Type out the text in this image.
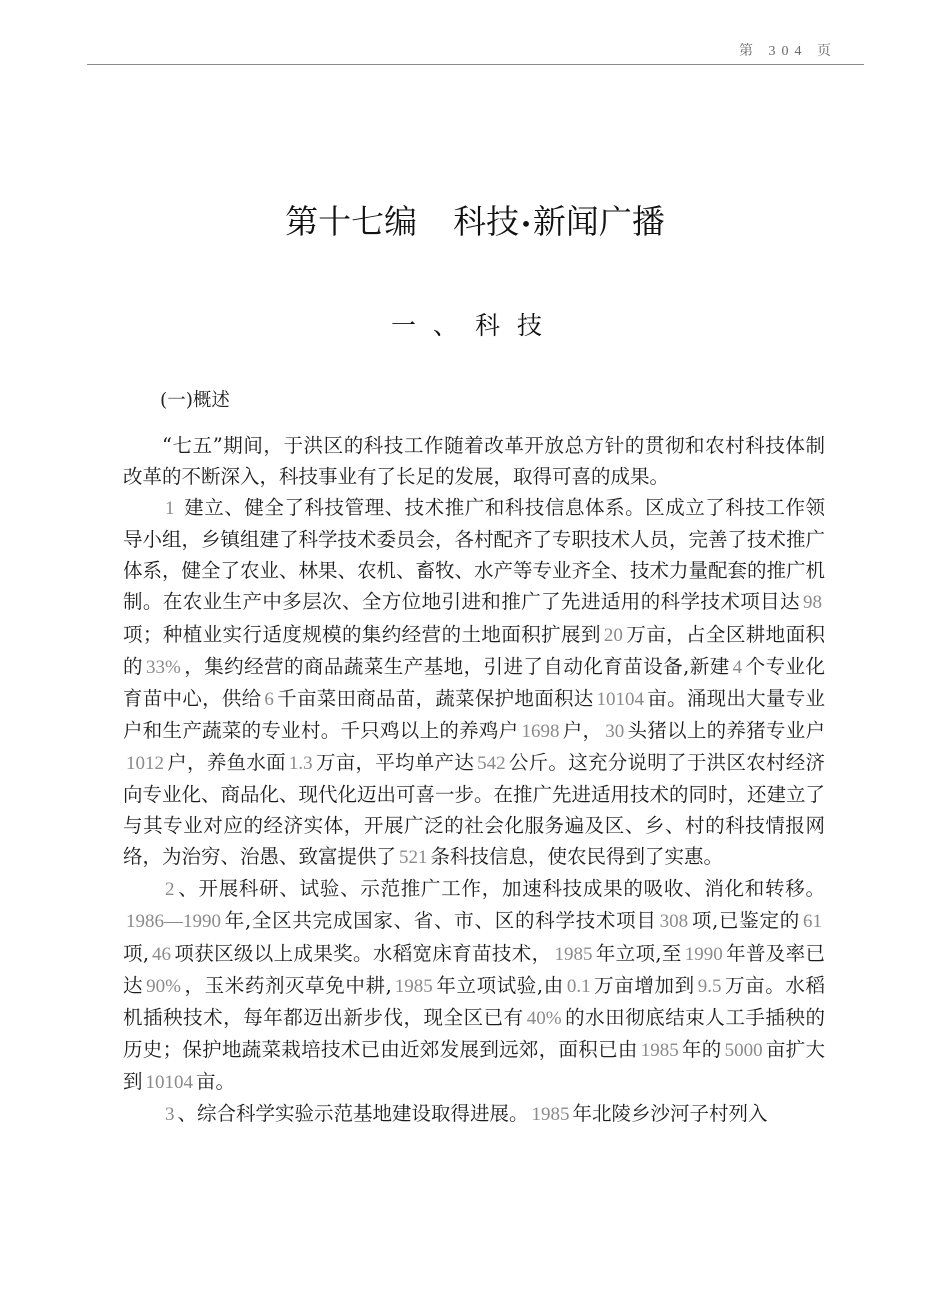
第 304 页
第十七编 科技•新闻广播
一、科技
(一)概述

“七五”期间，于洪区的科技工作随着改革开放总方针的贯彻和农村科技体制改革的不断深入，科技事业有了长足的发展，取得可喜的成果。

1 建立、健全了科技管理、技术推广和科技信息体系。区成立了科技工作领导小组，乡镇组建了科学技术委员会，各村配齐了专职技术人员，完善了技术推广体系，健全了农业、林果、农机、畜牧、水产等专业齐全、技术力量配套的推广机制。在农业生产中多层次、全方位地引进和推广了先进适用的科学技术项目达 98项；种植业实行适度规模的集约经营的土地面积扩展到 20 万亩，占全区耕地面积的 33% ，集约经营的商品蔬菜生产基地，引进了自动化育苗设备,新建 4 个专业化育苗中心，供给 6 千亩菜田商品苗，蔬菜保护地面积达 10104 亩。涌现出大量专业户和生产蔬菜的专业村。千只鸡以上的养鸡户 1698 户， 30 头猪以上的养猪专业户1012 户，养鱼水面 1.3 万亩，平均单产达 542 公斤。这充分说明了于洪区农村经济向专业化、商品化、现代化迈出可喜一步。在推广先进适用技术的同时，还建立了与其专业对应的经济实体，开展广泛的社会化服务遍及区、乡、村的科技情报网络，为治穷、治愚、致富提供了 521 条科技信息，使农民得到了实惠。

2 、开展科研、试验、示范推广工作，加速科技成果的吸收、消化和转移。1986—1990 年,全区共完成国家、省、市、区的科学技术项目 308 项,已鉴定的 61项, 46 项获区级以上成果奖。水稻宽床育苗技术， 1985 年立项,至 1990 年普及率已达 90% ，玉米药剂灭草免中耕, 1985 年立项试验,由 0.1 万亩增加到 9.5 万亩。水稻机插秧技术，每年都迈出新步伐，现全区已有 40% 的水田彻底结束人工手插秧的历史；保护地蔬菜栽培技术已由近郊发展到远郊，面积已由 1985 年的 5000 亩扩大到 10104 亩。

3 、综合科学实验示范基地建设取得进展。 1985 年北陵乡沙河子村列入
